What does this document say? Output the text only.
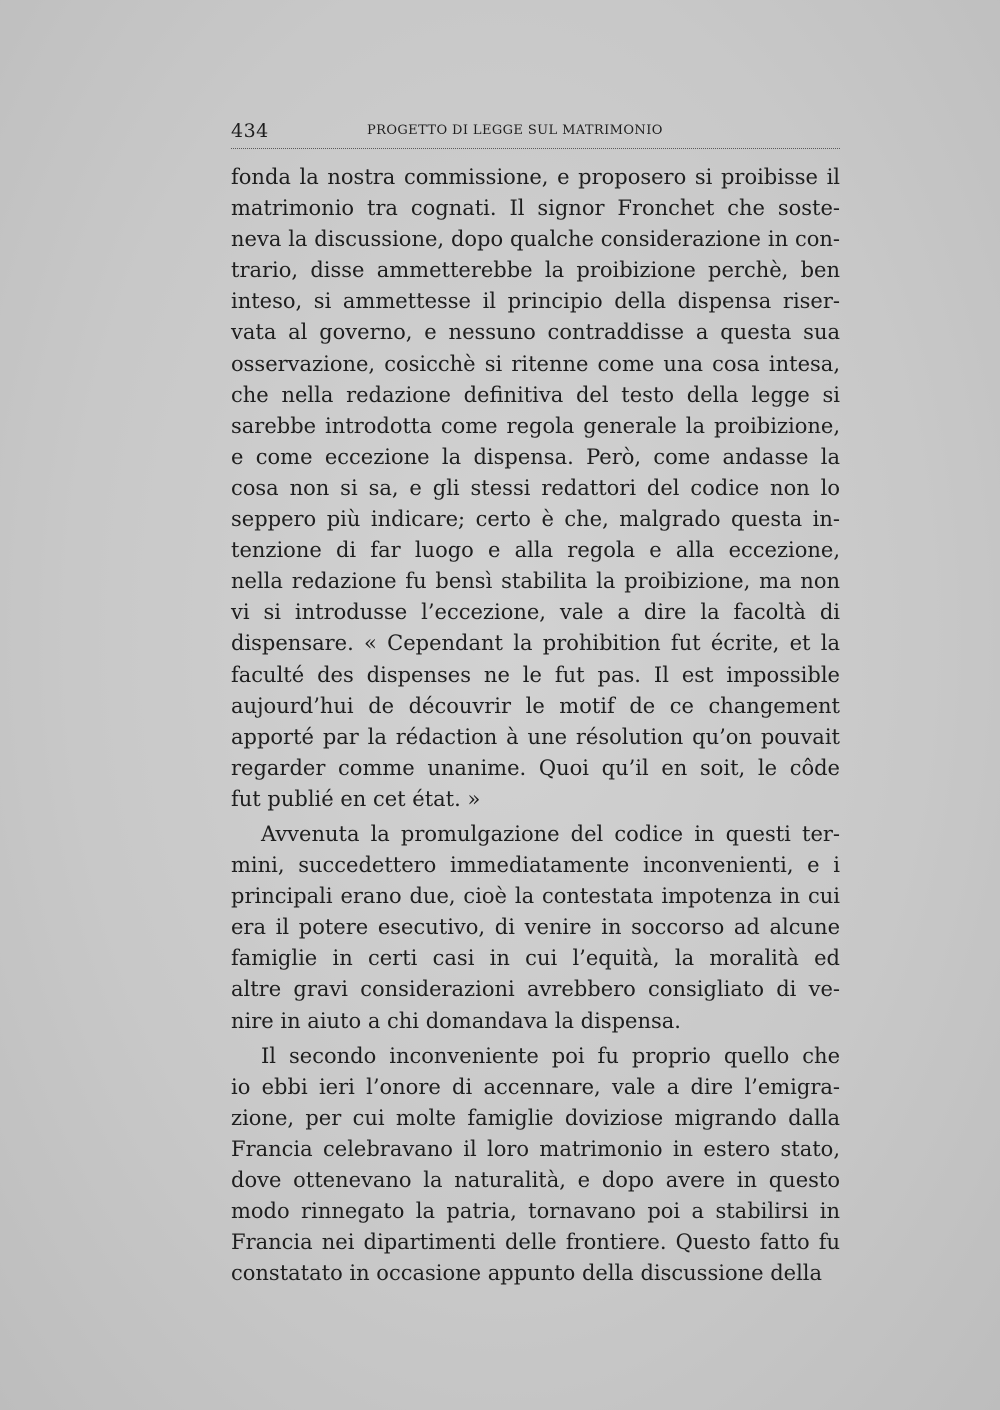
434	PROGETTO DI LEGGE SUL MATRIMONIO
fonda la nostra commissione, e proposero si proibisse il
matrimonio tra cognati. Il signor Fronchet che soste-
neva la discussione, dopo qualche considerazione in con-
trario, disse ammetterebbe la proibizione perchè, ben
inteso, si ammettesse il principio della dispensa riser-
vata al governo, e nessuno contraddisse a questa sua
osservazione, cosicchè si ritenne come una cosa intesa,
che nella redazione definitiva del testo della legge si
sarebbe introdotta come regola generale la proibizione,
e come eccezione la dispensa. Però, come andasse la
cosa non si sa, e gli stessi redattori del codice non lo
seppero più indicare; certo è che, malgrado questa in-
tenzione di far luogo e alla regola e alla eccezione,
nella redazione fu bensì stabilita la proibizione, ma non
vi si introdusse l’eccezione, vale a dire la facoltà di
dispensare. « Cependant la prohibition fut écrite, et la
faculté des dispenses ne le fut pas. Il est impossible
aujourd’hui de découvrir le motif de ce changement
apporté par la rédaction à une résolution qu’on pouvait
regarder comme unanime. Quoi qu’il en soit, le côde
fut publié en cet état. »
Avvenuta la promulgazione del codice in questi ter-
mini, succedettero immediatamente inconvenienti, e i
principali erano due, cioè la contestata impotenza in cui
era il potere esecutivo, di venire in soccorso ad alcune
famiglie in certi casi in cui l’equità, la moralità ed
altre gravi considerazioni avrebbero consigliato di ve-
nire in aiuto a chi domandava la dispensa.
Il secondo inconveniente poi fu proprio quello che
io ebbi ieri l’onore di accennare, vale a dire l’emigra-
zione, per cui molte famiglie doviziose migrando dalla
Francia celebravano il loro matrimonio in estero stato,
dove ottenevano la naturalità, e dopo avere in questo
modo rinnegato la patria, tornavano poi a stabilirsi in
Francia nei dipartimenti delle frontiere. Questo fatto fu
constatato in occasione appunto della discussione della
